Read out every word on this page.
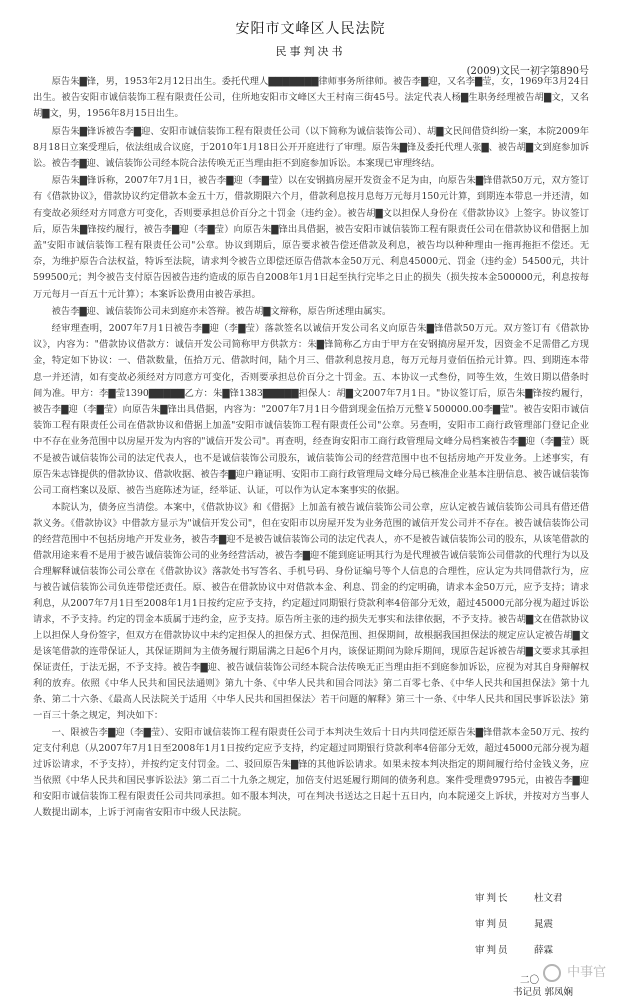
安阳市文峰区人民法院
民事判决书
(2009)文民一初字第890号

原告朱▇锋，男，1953年2月12日出生。委托代理人▇▇▇▇▇▇▇律师事务所律师。被告李▇迎，又名李▇莹，女，1969年3月24日出生。被告安阳市诚信装饰工程有限责任公司，住所地安阳市文峰区大王村南三街45号。法定代表人杨▇生职务经理被告胡▇文，又名胡▇文，男，1956年8月15日出生。

原告朱▇锋诉被告李▇迎、安阳市诚信装饰工程有限责任公司（以下简称为诚信装饰公司）、胡▇文民间借贷纠纷一案，本院2009年8月18日立案受理后，依法组成合议庭，于2010年1月18日公开开庭进行了审理。原告朱▇锋及委托代理人张▇、被告胡▇文到庭参加诉讼。被告李▇迎、诚信装饰公司经本院合法传唤无正当理由拒不到庭参加诉讼。本案现已审理终结。

原告朱▇锋诉称，2007年7月1日，被告李▇迎（李▇莹）以在安钢搞房屋开发资金不足为由，向原告朱▇锋借款50万元，双方签订有《借款协议》，借款协议约定借款本金五十万，借款期限六个月，借款利息按月息每万元每月150元计算，到期连本带息一并还清，如有变故必须经对方同意方可变化，否则要承担总价百分之十罚金（违约金）。被告胡▇文以担保人身份在《借款协议》上签字。协议签订后，原告朱▇锋按约履行，被告李▇迎（李▇莹）向原告朱▇锋出具借据，被告安阳市诚信装饰工程有限责任公司在借款协议和借据上加盖"安阳市诚信装饰工程有限责任公司"公章。协议到期后，原告要求被告偿还借款及利息，被告均以种种理由一拖再拖拒不偿还。无奈，为维护原告合法权益，特诉至法院，请求判令被告立即偿还原告借款本金50万元、利息45000元、罚金（违约金）54500元，共计599500元；判令被告支付原告因被告违约造成的原告自2008年1月1日起至执行完毕之日止的损失（损失按本金500000元，利息按每万元每月一百五十元计算）；本案诉讼费用由被告承担。

被告李▇迎、诚信装饰公司未到庭亦未答辩。被告胡▇文辩称，原告所述理由属实。

经审理查明，2007年7月1日被告李▇迎（李▇莹）落款签名以诚信开发公司名义向原告朱▇锋借款50万元。双方签订有《借款协议》，内容为："借款协议借款方：诚信开发公司简称甲方供款方：朱▇锋简称乙方由于甲方在安钢搞房屋开发，因资金不足需借乙方现金，特定如下协议：一、借款数量，伍拾万元、借款时间，陆个月三、借款利息按月息，每万元每月壹佰伍拾元计算。四、到期连本带息一并还清，如有变故必须经对方同意方可变化，否则要承担总价百分之十罚金。五、本协议一式叁份，同等生效，生效日期以借条时间为准。甲方：李▇莹1390▇▇▇▇▇乙方：朱▇锋1383▇▇▇▇▇担保人：胡▇文2007年7月1日。"协议签订后，原告朱▇锋按约履行，被告李▇迎（李▇莹）向原告朱▇锋出具借据，内容为："2007年7月1日今借到现金伍拾万元整￥500000.00李▇莹"。被告安阳市诚信装饰工程有限责任公司在借款协议和借据上加盖"安阳市诚信装饰工程有限责任公司"公章。另查明，安阳市工商行政管理部门登记企业中不存在业务范围中以房屋开发为内容的"诚信开发公司"。再查明，经查询安阳市工商行政管理局文峰分局档案被告李▇迎（李▇莹）既不是被告诚信装饰公司的法定代表人，也不是诚信装饰公司股东，诚信装饰公司的经营范围中也不包括房地产开发业务。上述事实，有原告朱志锋提供的借款协议、借款收据、被告李▇迎户籍证明、安阳市工商行政管理局文峰分局已核准企业基本注册信息、被告诚信装饰公司工商档案以及原、被告当庭陈述为证，经举证、认证，可以作为认定本案事实的依据。

本院认为，债务应当清偿。本案中，《借款协议》和《借据》上加盖有被告诚信装饰公司公章，应认定被告诚信装饰公司具有借还借款义务。《借款协议》中借款方显示为"诚信开发公司"，但在安阳市以房屋开发为业务范围的诚信开发公司并不存在。被告诚信装饰公司的经营范围中不包括房地产开发业务，被告李▇迎不是被告诚信装饰公司的法定代表人，亦不是被告诚信装饰公司的股东，从该笔借款的借款用途来看不是用于被告诚信装饰公司的业务经营活动，被告李▇迎不能到庭证明其行为是代理被告诚信装饰公司借款的代理行为以及合理解释诚信装饰公司公章在《借款协议》落款处书写答名、手机号码、身份证编号等个人信息的合理性，应认定为共同借款行为，应与被告诚信装饰公司负连带偿还责任。原、被告在借款协议中对借款本金、利息、罚金的约定明确，请求本金50万元，应予支持；请求利息，从2007年7月1日至2008年1月1日按约定应予支持，约定超过同期银行贷款利率4倍部分无效，超过45000元部分视为超过诉讼请求，不予支持。约定的罚金本质属于违约金，应予支持。原告所主张的违约损失无事实和法律依据，不予支持。被告胡▇文在借款协议上以担保人身份签字，但双方在借款协议中未约定担保人的担保方式、担保范围、担保期间，故根据我国担保法的规定应认定被告胡▇文是该笔借款的连带保证人，其保证期间为主债务履行期届满之日起6个月内，该保证期间为除斥期间，现原告起诉被告胡▇文要求其承担保证责任，于法无据，不予支持。被告李▇迎、被告诚信装饰公司经本院合法传唤无正当理由拒不到庭参加诉讼，应视为对其自身辩解权利的放弃。依照《中华人民共和国民法通则》第九十条、《中华人民共和国合同法》第二百零七条、《中华人民共和国担保法》第十九条、第二十六条、《最高人民法院关于适用〈中华人民共和国担保法〉若干问题的解释》第三十一条、《中华人民共和国民事诉讼法》第一百三十条之规定，判决如下：

一、限被告李▇迎（李▇莹）、安阳市诚信装饰工程有限责任公司于本判决生效后十日内共同偿还原告朱▇锋借款本金50万元、按约定支付利息（从2007年7月1日至2008年1月1日按约定应予支持，约定超过同期银行贷款利率4倍部分无效，超过45000元部分视为超过诉讼请求，不予支持），并按约定支付罚金。二、驳回原告朱▇锋的其他诉讼请求。如果未按本判决指定的期间履行给付金钱义务，应当依照《中华人民共和国民事诉讼法》第二百二十九条之规定，加倍支付迟延履行期间的债务利息。案件受理费9795元，由被告李▇迎和安阳市诚信装饰工程有限责任公司共同承担。如不服本判决，可在判决书送达之日起十五日内，向本院递交上诉状，并按对方当事人人数提出副本，上诉于河南省安阳市中级人民法院。

审判长	杜文君
审判员	晁震
审判员	薛霖
二〇
书记员 郭凤娴
中事官
